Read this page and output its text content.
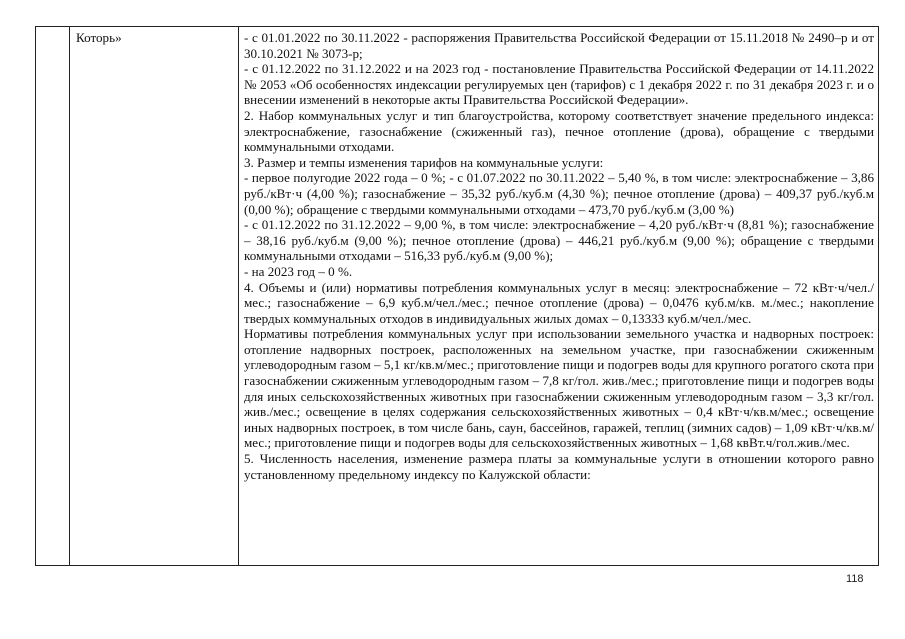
Которь»	- с 01.01.2022 по 30.11.2022 - распоряжения Правительства Российской Федерации от 15.11.2018 № 2490–р и от 30.10.2021 № 3073-р;

- с 01.12.2022 по 31.12.2022 и на 2023 год - постановление Правительства Российской Федерации от 14.11.2022 № 2053 «Об особенностях индексации регулируемых цен (тарифов) с 1 декабря 2022 г. по 31 декабря 2023 г. и о внесении изменений в некоторые акты Правительства Российской Федерации».

2. Набор коммунальных услуг и тип благоустройства, которому соответствует значение предельного индекса: электроснабжение, газоснабжение (сжиженный газ), печное отопление (дрова), обращение с твердыми коммунальными отходами.

3. Размер и темпы изменения тарифов на коммунальные услуги:

- первое полугодие 2022 года – 0 %; - с 01.07.2022 по 30.11.2022 – 5,40 %, в том числе: электроснабжение – 3,86 руб./кВт·ч (4,00 %); газоснабжение – 35,32 руб./куб.м (4,30 %); печное отопление (дрова) – 409,37 руб./куб.м (0,00 %); обращение с твердыми коммунальными отходами – 473,70 руб./куб.м (3,00 %)

- с 01.12.2022 по 31.12.2022 – 9,00 %, в том числе: электроснабжение – 4,20 руб./кВт·ч (8,81 %); газоснабжение – 38,16 руб./куб.м (9,00 %); печное отопление (дрова) – 446,21 руб./куб.м (9,00 %); обращение с твердыми коммунальными отходами – 516,33 руб./куб.м (9,00 %);

- на 2023 год – 0 %.

4. Объемы и (или) нормативы потребления коммунальных услуг в месяц: электроснабжение – 72 кВт·ч/чел./мес.; газоснабжение – 6,9 куб.м/чел./мес.; печное отопление (дрова) – 0,0476 куб.м/кв. м./мес.; накопление твердых коммунальных отходов в индивидуальных жилых домах – 0,13333 куб.м/чел./мес.

Нормативы потребления коммунальных услуг при использовании земельного участка и надворных построек: отопление надворных построек, расположенных на земельном участке, при газоснабжении сжиженным углеводородным газом – 5,1 кг/кв.м/мес.; приготовление пищи и подогрев воды для крупного рогатого скота при газоснабжении сжиженным углеводородным газом – 7,8 кг/гол. жив./мес.; приготовление пищи и подогрев воды для иных сельскохозяйственных животных при газоснабжении сжиженным углеводородным газом – 3,3 кг/гол. жив./мес.; освещение в целях содержания сельскохозяйственных животных – 0,4 кВт·ч/кв.м/мес.; освещение иных надворных построек, в том числе бань, саун, бассейнов, гаражей, теплиц (зимних садов) – 1,09 кВт·ч/кв.м/мес.; приготовление пищи и подогрев воды для сельскохозяйственных животных – 1,68 квВт.ч/гол.жив./мес.

5. Численность населения, изменение размера платы за коммунальные услуги в отношении которого равно установленному предельному индексу по Калужской области:

118
